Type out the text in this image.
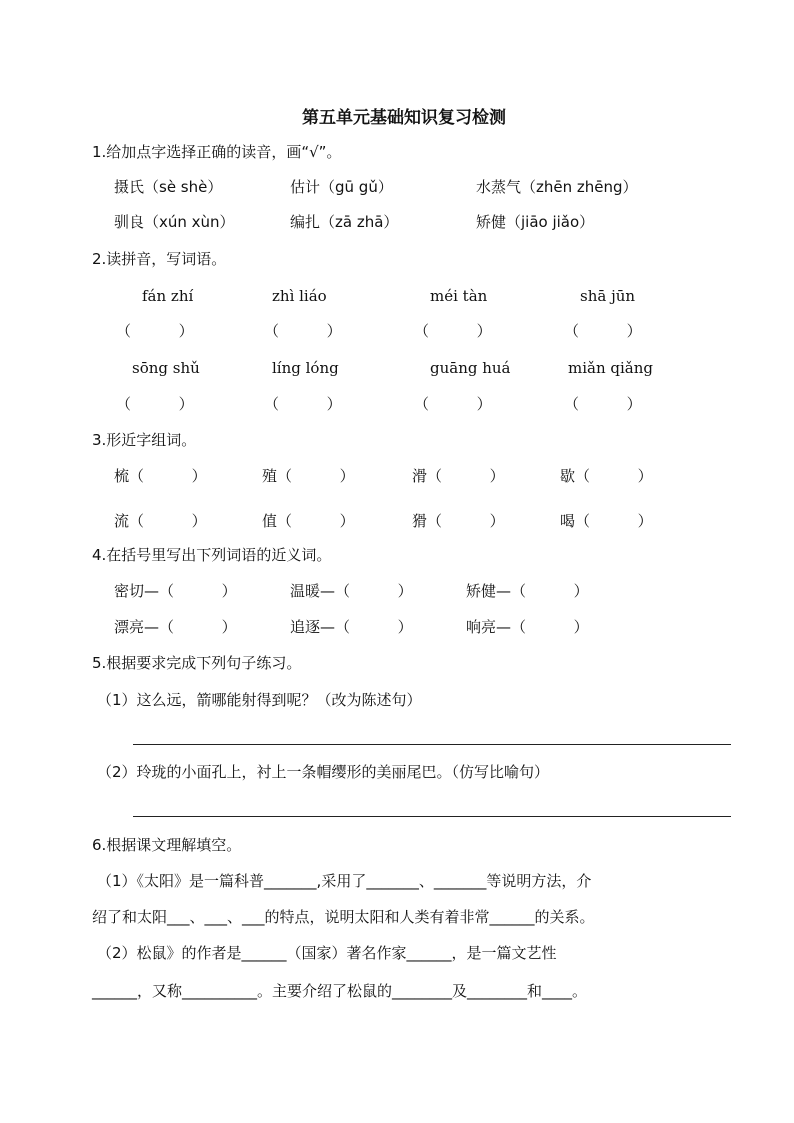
第五单元基础知识复习检测
1.给加点字选择正确的读音，画“√”。
摄氏（sè shè）	估计（gū gǔ）	水蒸气（zhēn zhēng）
驯良（xún xùn）	编扎（zā zhā）	矫健（jiāo jiǎo）
2.读拼音，写词语。
fán zhí	zhì liáo	méi tàn	shā jūn
（          ）	（          ）	（          ）	（          ）
sōng shǔ	líng lóng	guāng huá	miǎn qiǎng
（          ）	（          ）	（          ）	（          ）
3.形近字组词。
梳（          ）	殖（          ）	滑（          ）	歇（          ）
流（          ）	值（          ）	猾（          ）	喝（          ）
4.在括号里写出下列词语的近义词。
密切—（          ）	温暖—（          ）	矫健—（          ）
漂亮—（          ）	追逐—（          ）	响亮—（          ）
5.根据要求完成下列句子练习。
（1）这么远，箭哪能射得到呢？（改为陈述句）
（2）玲珑的小面孔上，衬上一条帽缨形的美丽尾巴。（仿写比喻句）
6.根据课文理解填空。
（1）《太阳》是一篇科普_______,采用了_______、_______等说明方法，介
绍了和太阳___、___、___的特点，说明太阳和人类有着非常______的关系。
（2）松鼠》的作者是______（国家）著名作家______，是一篇文艺性
______，又称__________。主要介绍了松鼠的________及________和____。
